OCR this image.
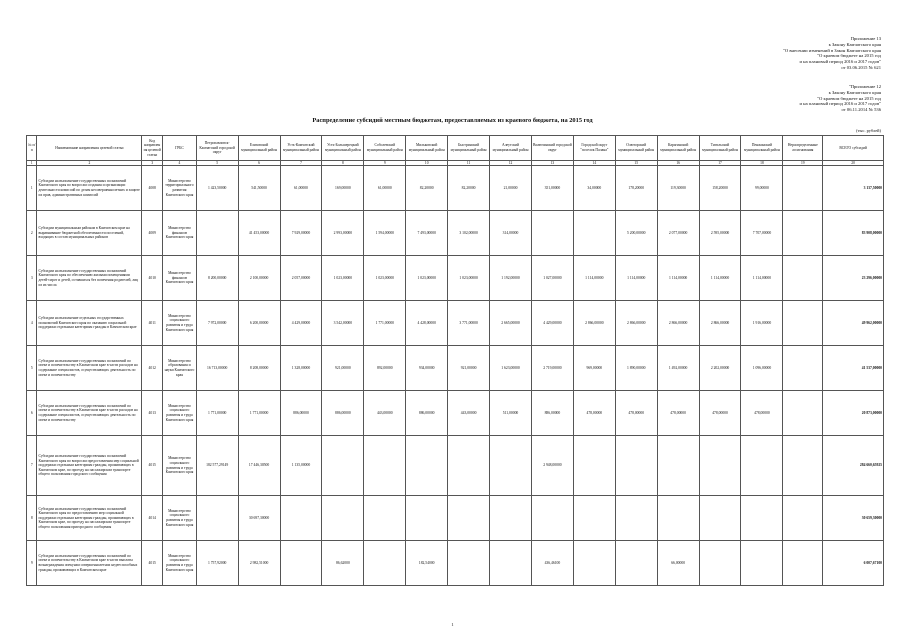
Приложение 13
к Закону Камчатского края
"О внесении изменений в Закон Камчатского края
"О краевом бюджете на 2015 год
и на плановый период 2016 и 2017 годов"
от 03.06.2015 № 621
"Приложение 12
к Закону Камчатского края
"О краевом бюджете на 2015 год
и на плановый период 2016 и 2017 годов"
от 06.11.2014 № 536
Распределение субсидий местным бюджетам, предоставляемых из краевого бюджета, на 2015 год
(тыс. рублей)
№ п/п	Наименование направления целевой статьи	Код направления целевой статьи	ГРБС	Петропавловск-Камчатский городской округ	Елизовский муниципальный район	Усть-Камчатский муниципальный район	Усть-Большерецкий муниципальный район	Соболевский муниципальный район	Мильковский муниципальный район	Быстринский муниципальный район	Алеутский муниципальный район	Вилючинский городской округ	Городской округ "поселок Палана"	Олюторский муниципальный район	Карагинский муниципальный район	Тигильский муниципальный район	Пенжинский муниципальный район	Нераспределенные ассигнования	ВСЕГО субсидий
1	2	3	4	5	6	7	8	9	10	11	12	13	14	15	16	17	18	19	20
1	Субсидии на выполнение государственных полномочий Камчатского края по вопросам создания и организации деятельности комиссий по делам несовершеннолетних и защите их прав, административных комиссий	4008	Министерство территориального развития Камчатского края	1 423,50000	541,50000	61,00000	169,00000	61,00000	82,20000	82,20000	21,00000	351,00000	34,00000	178,20000	119,30000	158,20000	99,00000		3 137,50000
2	Субсидии муниципальным районам в Камчатском крае на выравнивание бюджетной обеспеченности поселений, входящих в состав муниципальных районов	4009	Министерство финансов Камчатского края		41 453,00000	7 929,00000	2 993,00000	1 594,00000	7 493,00000	3 102,00000	314,00000			5 200,00000	2 077,00000	2 595,00000	7 707,00000		83 908,00000
3	Субсидии на выполнение государственных полномочий Камчатского края по обеспечению жилыми помещениями детей-сирот и детей, оставшихся без попечения родителей, лиц из их числа	4010	Министерство финансов Камчатского края	8 200,00000	2 100,00000	2 057,00000	1 023,00000	1 023,00000	1 023,00000	1 023,00000	1 192,00000	1 027,00000	1 114,00000	1 114,00000	1 114,00000	1 114,00000	1 114,00000		23 296,00000
4	Субсидии на выполнение отдельных государственных полномочий Камчатского края по оказанию социальной поддержки отдельным категориям граждан в Камчатском крае	4011	Министерство социального развития и труда Камчатского края	7 972,00000	6 200,00000	4 429,00000	3 542,00000	1 771,00000	4 428,00000	3 771,00000	2 665,00000	4 429,00000	2 866,00000	2 866,00000	2 866,00000	2 866,00000	1 916,00000		49 962,00000
5	Субсидии на выполнение государственных полномочий по опеке и попечительству в Камчатском крае в части расходов на содержание специалистов, осуществляющих деятельность по опеке и попечительству	4012	Министерство образования и науки Камчатского края	16 713,00000	8 208,00000	1 328,00000	921,00000	892,00000	934,00000	921,00000	1 623,00000	2 719,00000	969,00000	1 890,00000	1 492,00000	2 202,00000	1 096,00000		41 537,00000
6	Субсидии на выполнение государственных полномочий по опеке и попечительству в Камчатском крае в части расходов на содержание специалистов, осуществляющих деятельность по опеке и попечительству	4013	Министерство социального развития и труда Камчатского края	1 771,00000	1 771,00000	886,00000	886,00000	443,00000	886,00000	443,00000	511,00000	886,00000	478,00000	478,00000	478,00000	478,00000	478,00000		20 873,00000
7	Субсидии на выполнение государственных полномочий Камчатского края по вопросам предоставления мер социальной поддержки отдельным категориям граждан, проживающих в Камчатском крае, по проезду на пассажирском транспорте общего пользования городского сообщения	4015	Министерство социального развития и труда Камчатского края	182 577,29149	17 446,30500	1 135,00000						2 948,00000							284 660,65925
8	Субсидии на выполнение государственных полномочий Камчатского края по предоставлению мер социальной поддержки отдельным категориям граждан, проживающих в Камчатском крае, по проезду на пассажирском транспорте общего пользования пригородного сообщения	4014	Министерство социального развития и труда Камчатского края		30 697,30000														30 659,30000
9	Субсидии на выполнение государственных полномочий по опеке и попечительству в Камчатском крае в части выплаты вознаграждения опекунам совершеннолетних недееспособных граждан, проживающих в Камчатском крае	4015	Министерство социального развития и труда Камчатского края	1 757,92000	2 982,51000		86,62000		182,54000			436,46100			66,00000				6 007,67100
1
